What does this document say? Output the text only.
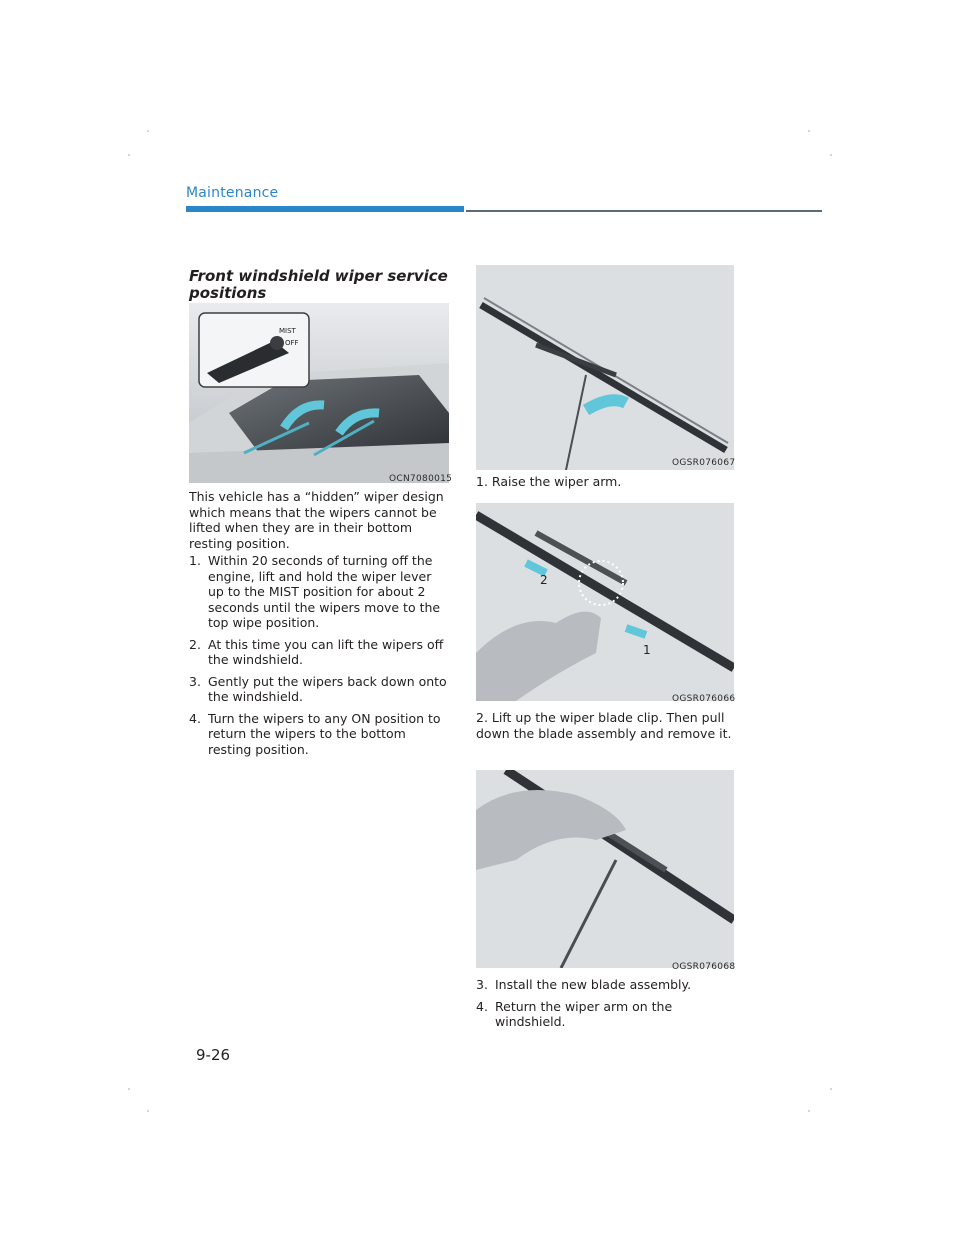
Maintenance
Front windshield wiper service
positions
MIST
OFF
OCN7080015
This vehicle has a “hidden” wiper design which means that the wipers cannot be lifted when they are in their bottom resting position.
1. Within 20 seconds of turning off the engine, lift and hold the wiper lever up to the MIST position for about 2 seconds until the wipers move to the top wipe position.
2. At this time you can lift the wipers off the windshield.
3. Gently put the wipers back down onto the windshield.
4. Turn the wipers to any ON position to return the wipers to the bottom resting position.
OGSR076067
1. Raise the wiper arm.
2
1
OGSR076066
2. Lift up the wiper blade clip. Then pull down the blade assembly and remove it.
OGSR076068
3. Install the new blade assembly.
4. Return the wiper arm on the windshield.
9-26
